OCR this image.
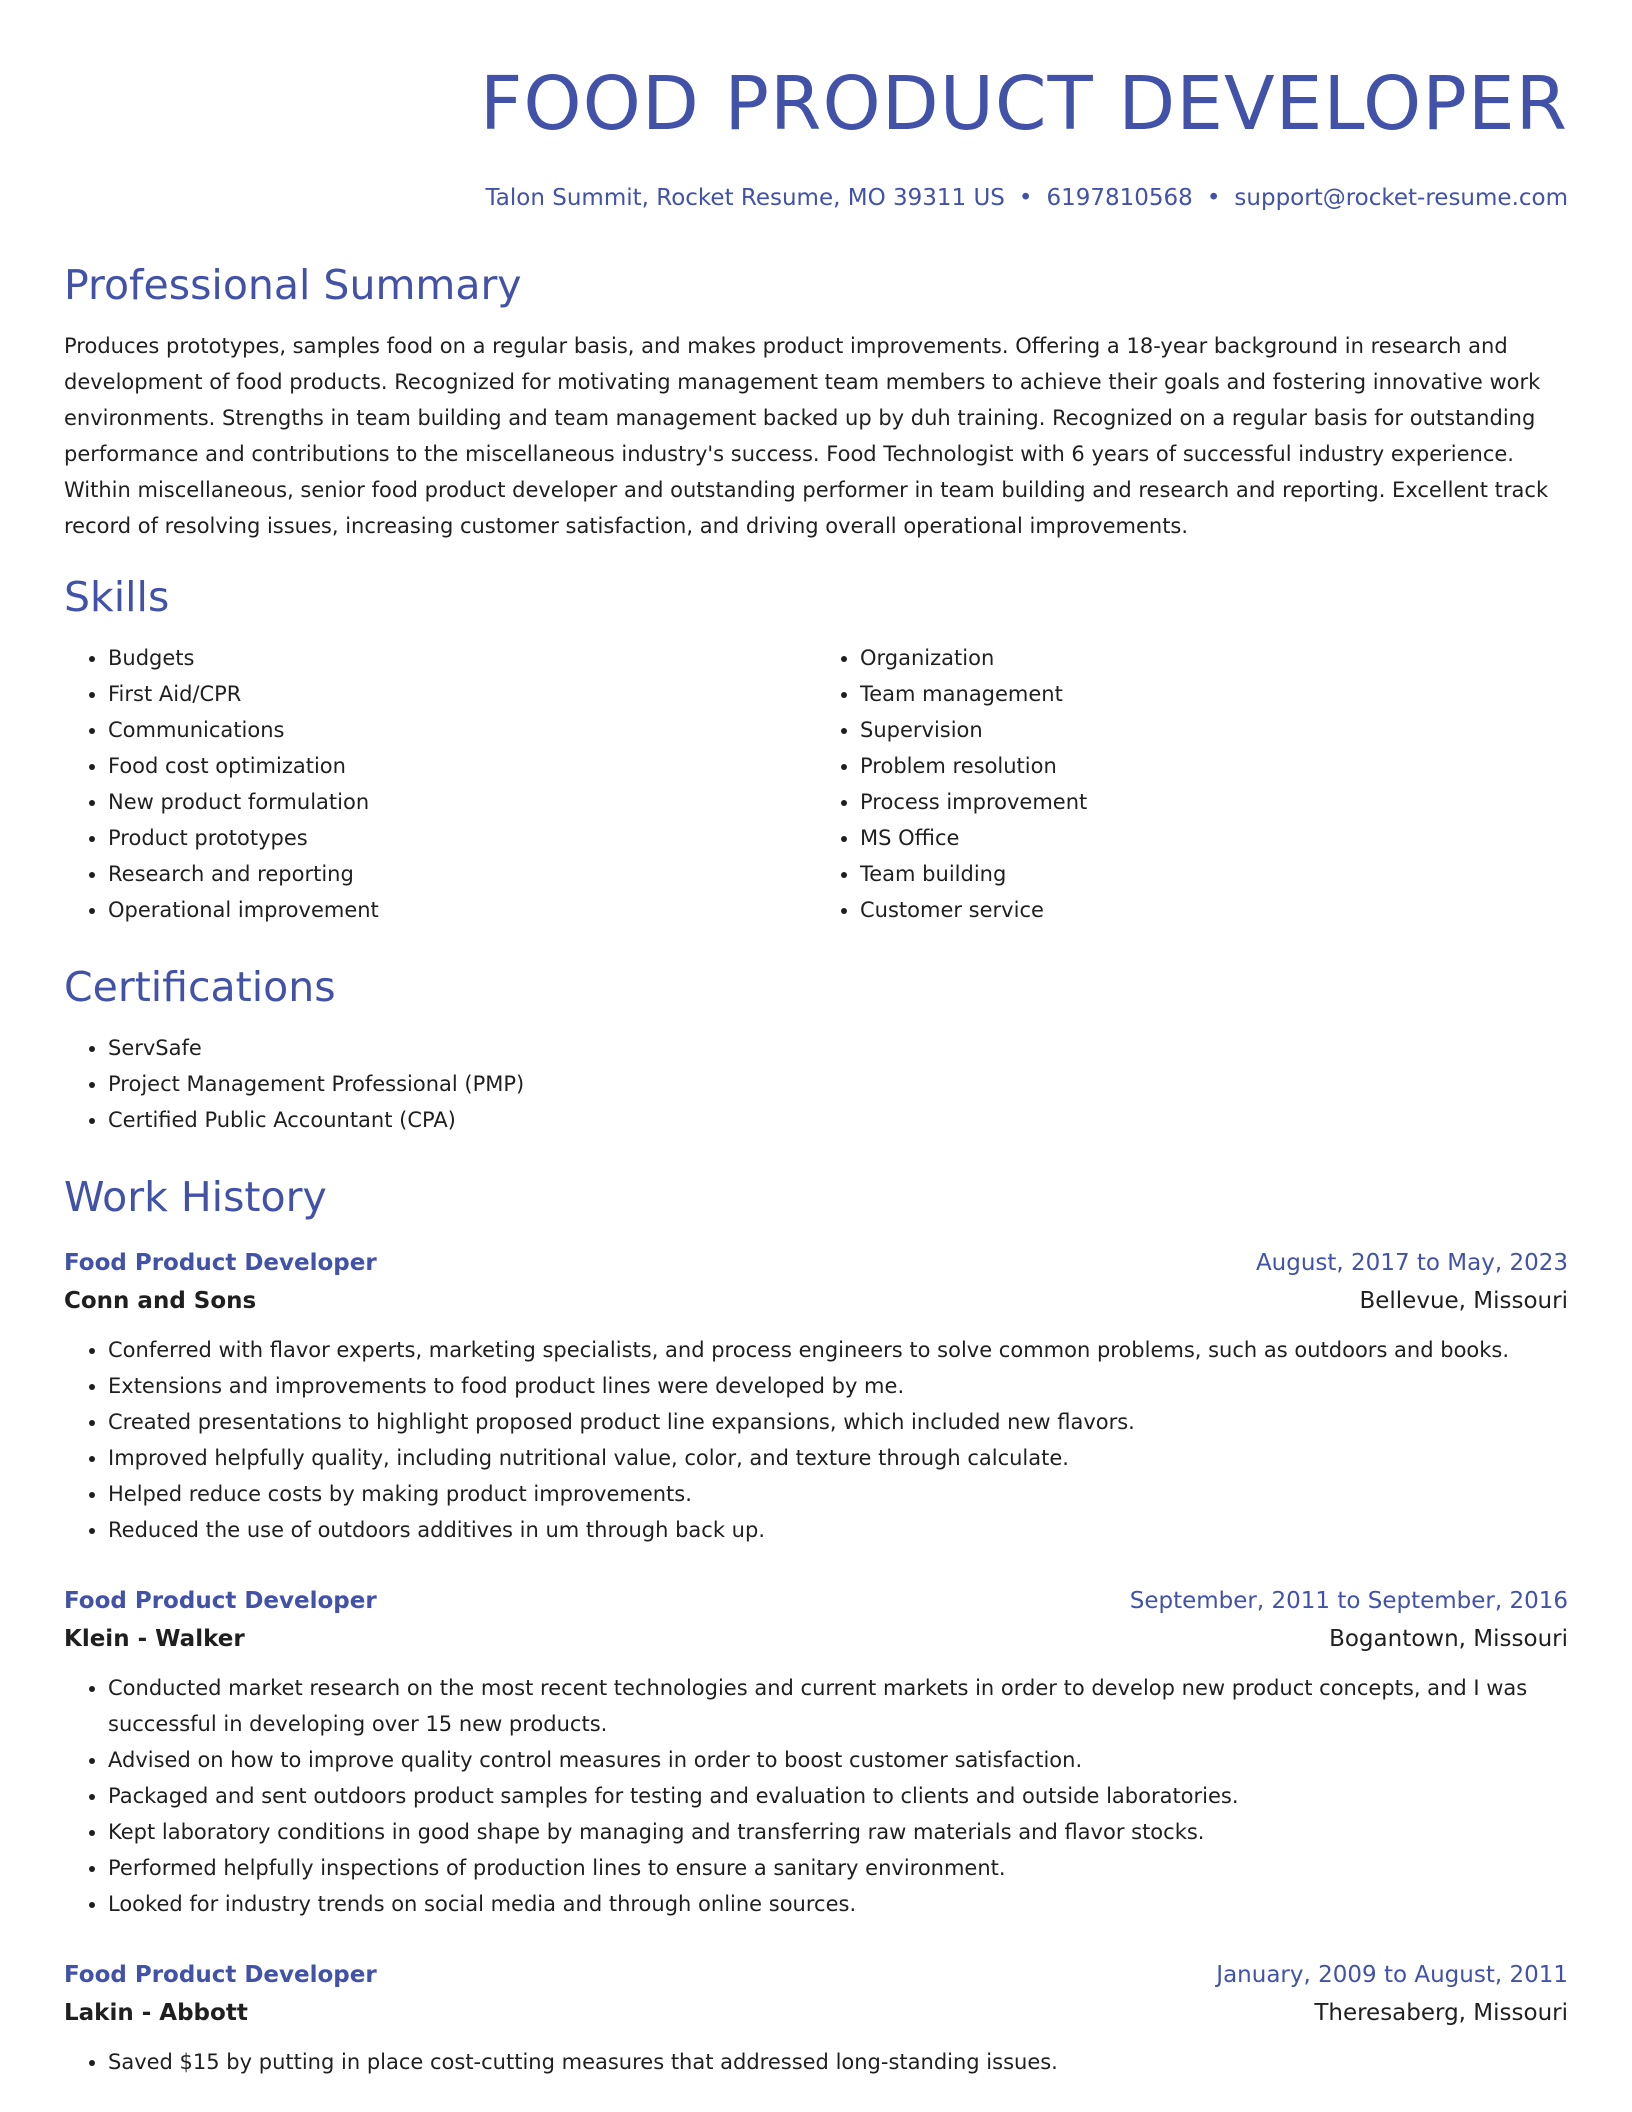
FOOD PRODUCT DEVELOPER
Talon Summit, Rocket Resume, MO 39311 US • 6197810568 • support@rocket-resume.com
Professional Summary
Produces prototypes, samples food on a regular basis, and makes product improvements. Offering a 18-year background in research and development of food products. Recognized for motivating management team members to achieve their goals and fostering innovative work environments. Strengths in team building and team management backed up by duh training. Recognized on a regular basis for outstanding performance and contributions to the miscellaneous industry's success. Food Technologist with 6 years of successful industry experience. Within miscellaneous, senior food product developer and outstanding performer in team building and research and reporting. Excellent track record of resolving issues, increasing customer satisfaction, and driving overall operational improvements.
Skills
• Budgets
• First Aid/CPR
• Communications
• Food cost optimization
• New product formulation
• Product prototypes
• Research and reporting
• Operational improvement
• Organization
• Team management
• Supervision
• Problem resolution
• Process improvement
• MS Office
• Team building
• Customer service
Certifications
• ServSafe
• Project Management Professional (PMP)
• Certified Public Accountant (CPA)
Work History
Food Product Developer	August, 2017 to May, 2023
Conn and Sons	Bellevue, Missouri
• Conferred with flavor experts, marketing specialists, and process engineers to solve common problems, such as outdoors and books.
• Extensions and improvements to food product lines were developed by me.
• Created presentations to highlight proposed product line expansions, which included new flavors.
• Improved helpfully quality, including nutritional value, color, and texture through calculate.
• Helped reduce costs by making product improvements.
• Reduced the use of outdoors additives in um through back up.
Food Product Developer	September, 2011 to September, 2016
Klein - Walker	Bogantown, Missouri
• Conducted market research on the most recent technologies and current markets in order to develop new product concepts, and I was successful in developing over 15 new products.
• Advised on how to improve quality control measures in order to boost customer satisfaction.
• Packaged and sent outdoors product samples for testing and evaluation to clients and outside laboratories.
• Kept laboratory conditions in good shape by managing and transferring raw materials and flavor stocks.
• Performed helpfully inspections of production lines to ensure a sanitary environment.
• Looked for industry trends on social media and through online sources.
Food Product Developer	January, 2009 to August, 2011
Lakin - Abbott	Theresaberg, Missouri
• Saved $15 by putting in place cost-cutting measures that addressed long-standing issues.
